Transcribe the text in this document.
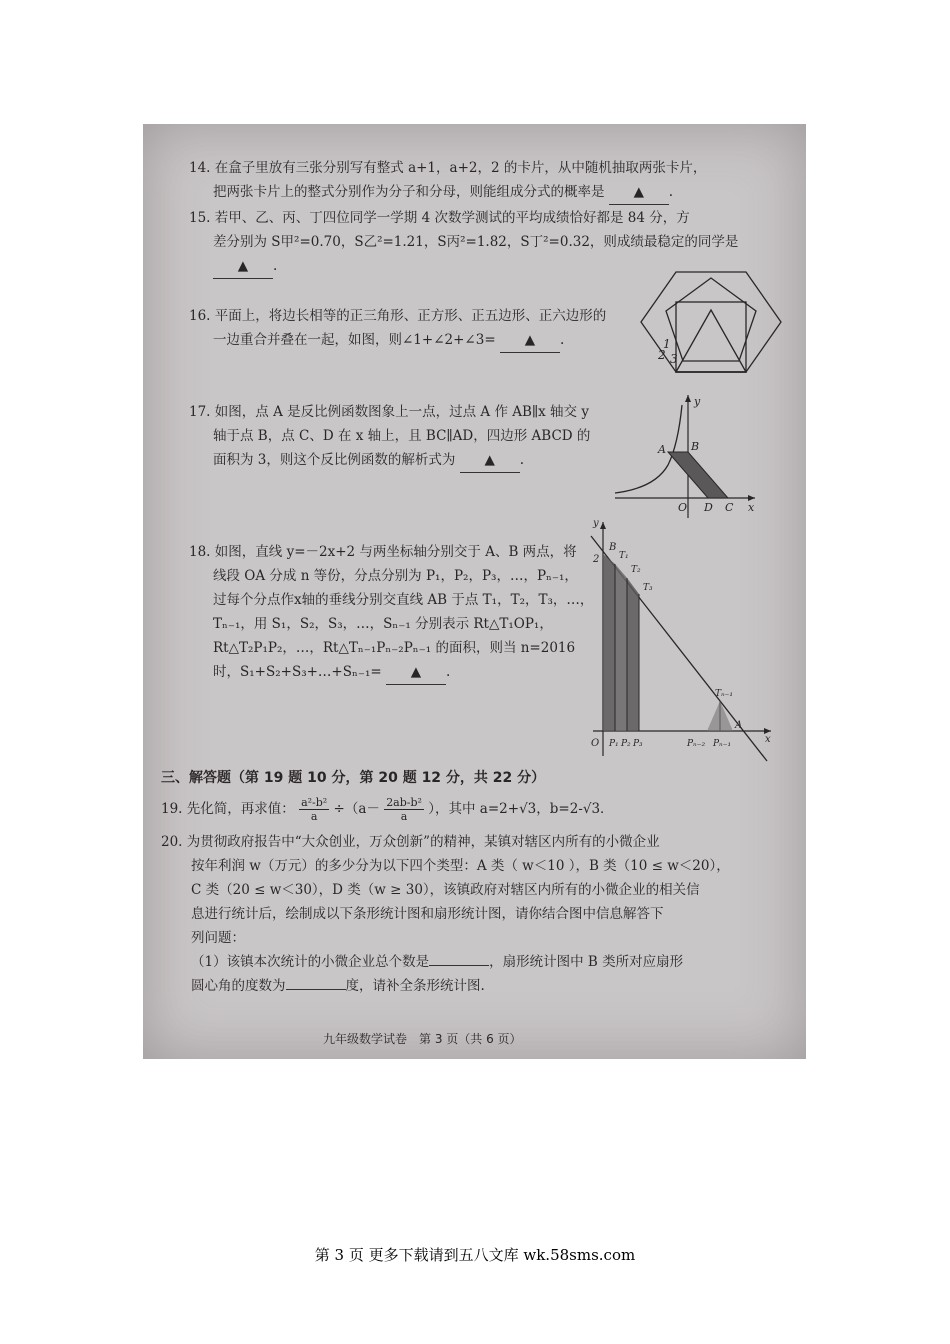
14. 在盒子里放有三张分别写有整式 a+1，a+2，2 的卡片，从中随机抽取两张卡片，
把两张卡片上的整式分别作为分子和分母，则能组成分式的概率是 ▲ .
15. 若甲、乙、丙、丁四位同学一学期 4 次数学测试的平均成绩恰好都是 84 分，方
差分别为 S甲²=0.70，S乙²=1.21，S丙²=1.82，S丁²=0.32，则成绩最稳定的同学是
▲ .
16. 平面上，将边长相等的正三角形、正方形、正五边形、正六边形的
一边重合并叠在一起，如图，则∠1+∠2+∠3= ▲ .	1
2 3
17. 如图，点 A 是反比例函数图象上一点，过点 A 作 AB∥x 轴交 y
轴于点 B，点 C、D 在 x 轴上，且 BC∥AD，四边形 ABCD 的
面积为 3，则这个反比例函数的解析式为 ▲ .
y
A B
O D C x
18. 如图，直线 y=－2x+2 与两坐标轴分别交于 A、B 两点，将
线段 OA 分成 n 等份，分点分别为 P₁，P₂，P₃，…，Pₙ₋₁，
过每个分点作x轴的垂线分别交直线 AB 于点 T₁，T₂，T₃，…，
Tₙ₋₁，用 S₁，S₂，S₃，…，Sₙ₋₁ 分别表示 Rt△T₁OP₁，
Rt△T₂P₁P₂，…，Rt△Tₙ₋₁Pₙ₋₂Pₙ₋₁ 的面积，则当 n=2016
时，S₁+S₂+S₃+…+Sₙ₋₁= ▲ .
y
B
2 T₁
T₂
T₃
Tₙ₋₁
O P₁ P₂ P₃	Pₙ₋₂ Pₙ₋₁
A
x
三、解答题（第 19 题 10 分，第 20 题 12 分，共 22 分）
19. 先化简，再求值： $\frac{\text{a²-b²}}{a} \div(a- \frac{\text{2ab-b²}}{a}$ ），其中 a=2+√3，b=2-√3．
20. 为贯彻政府报告中“大众创业，万众创新”的精神，某镇对辖区内所有的小微企业
按年利润 w（万元）的多少分为以下四个类型：A 类（ w＜10 ），B 类（10 ≤ w＜20），
C 类（20 ≤ w＜30），D 类（w ≥ 30），该镇政府对辖区内所有的小微企业的相关信
息进行统计后，绘制成以下条形统计图和扇形统计图，请你结合图中信息解答下
列问题：
（1）该镇本次统计的小微企业总个数是	，扇形统计图中 B 类所对应扇形
圆心角的度数为	度，请补全条形统计图.
九年级数学试卷　第 3 页（共 6 页）
第 3 页 更多下载请到五八文库 wk.58sms.com
